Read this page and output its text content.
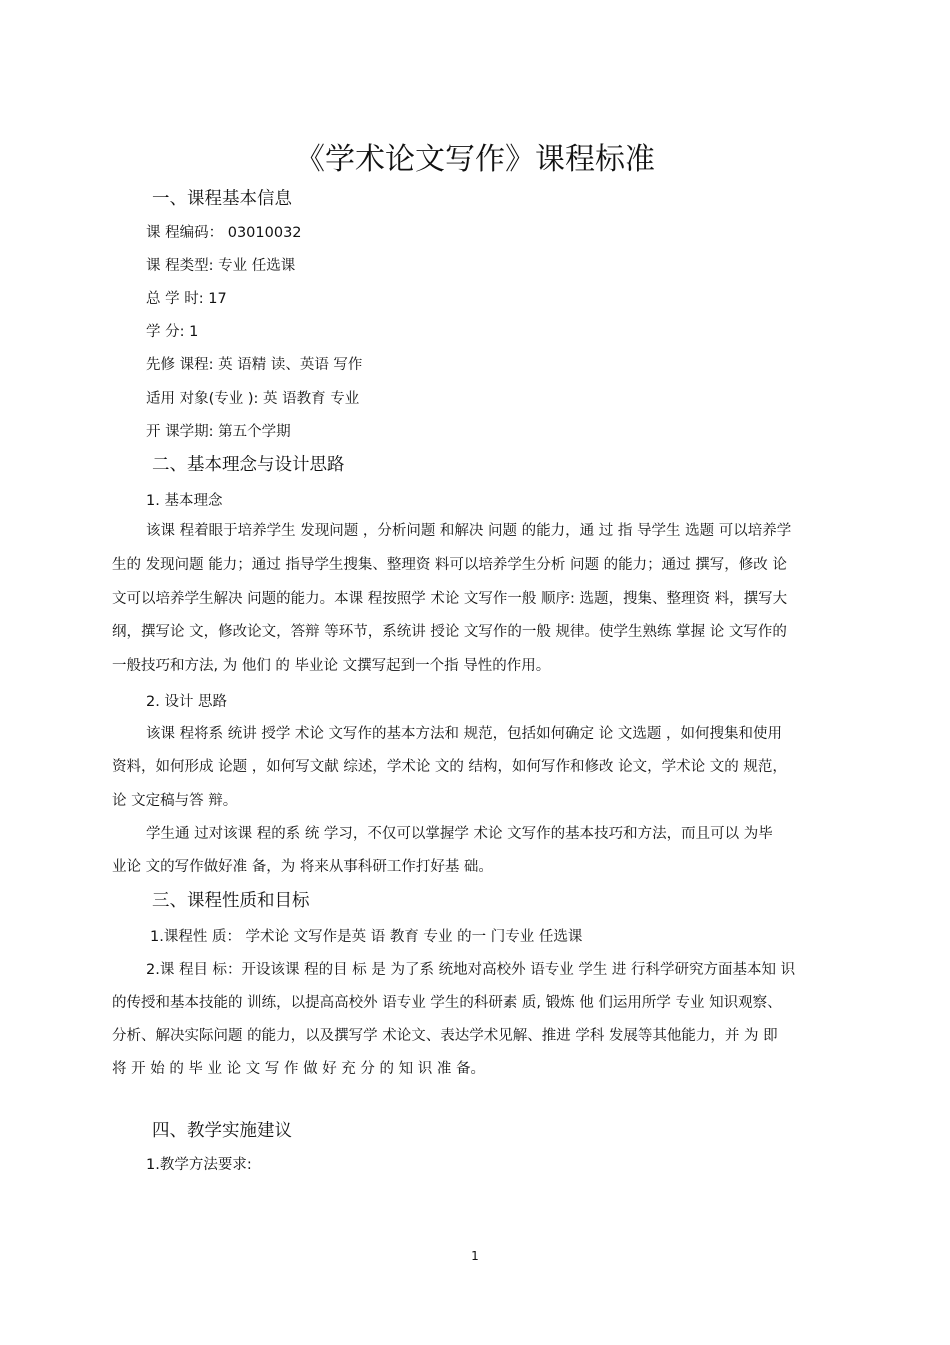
《学术论文写作》课程标准
一、课程基本信息
课 程编码： 03010032
课 程类型: 专业 任选课
总 学 时: 17
学 分: 1
先修 课程: 英 语精 读、英语 写作
适用 对象(专业 ): 英 语教育 专业
开 课学期: 第五个学期
二、基本理念与设计思路
1. 基本理念
该课 程着眼于培养学生 发现问题 ，分析问题 和解决 问题 的能力，通 过 指 导学生 选题 可以培养学
生的 发现问题 能力；通过 指导学生搜集、整理资 料可以培养学生分析 问题 的能力；通过 撰写，修改 论
文可以培养学生解决 问题的能力。本课 程按照学 术论 文写作一般 顺序: 选题，搜集、整理资 料，撰写大
纲，撰写论 文，修改论文，答辩 等环节，系统讲 授论 文写作的一般 规律。使学生熟练 掌握 论 文写作的
一般技巧和方法, 为 他们 的 毕业论 文撰写起到一个指 导性的作用。
2. 设计 思路
该课 程将系 统讲 授学 术论 文写作的基本方法和 规范，包括如何确定 论 文选题 ，如何搜集和使用
资料，如何形成 论题 ，如何写文献 综述，学术论 文的 结构，如何写作和修改 论文，学术论 文的 规范，
论 文定稿与答 辩。
学生通 过对该课 程的系 统 学习，不仅可以掌握学 术论 文写作的基本技巧和方法，而且可以 为毕
业论 文的写作做好准 备，为 将来从事科研工作打好基 础。
三、课程性质和目标
1.课程性 质： 学术论 文写作是英 语 教育 专业 的一 门专业 任选课
2.课 程目 标：开设该课 程的目 标 是 为了系 统地对高校外 语专业 学生 进 行科学研究方面基本知 识
的传授和基本技能的 训练，以提高高校外 语专业 学生的科研素 质, 锻炼 他 们运用所学 专业 知识观察、
分析、解决实际问题 的能力，以及撰写学 术论文、表达学术见解、推进 学科 发展等其他能力，并 为 即
将 开 始 的 毕 业 论 文 写 作 做 好 充 分 的 知 识 准 备。
四、教学实施建议
1.教学方法要求:
1
